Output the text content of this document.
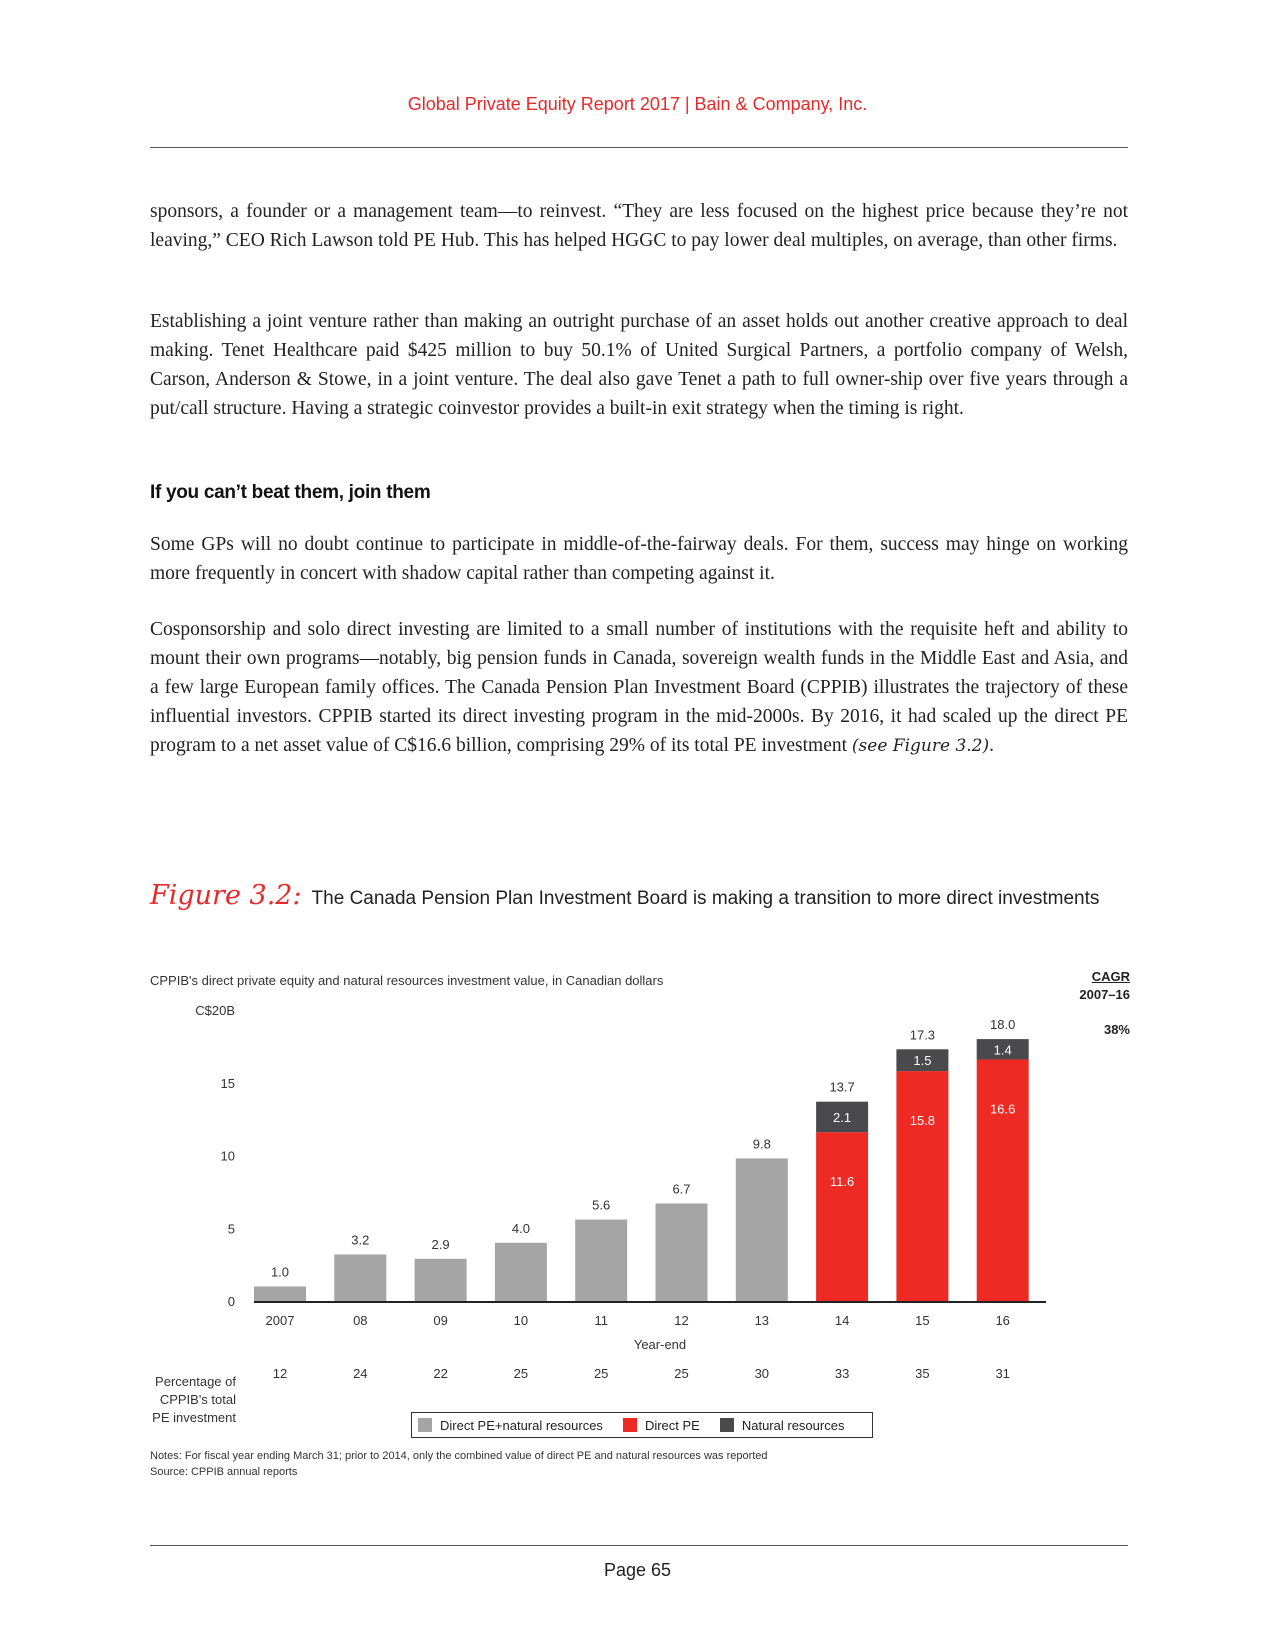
Global Private Equity Report 2017 | Bain & Company, Inc.

sponsors, a founder or a management team—to reinvest. “They are less focused on the highest price because they’re not leaving,” CEO Rich Lawson told PE Hub. This has helped HGGC to pay lower deal multiples, on average, than other firms.

Establishing a joint venture rather than making an outright purchase of an asset holds out another creative approach to deal making. Tenet Healthcare paid $425 million to buy 50.1% of United Surgical Partners, a portfolio company of Welsh, Carson, Anderson & Stowe, in a joint venture. The deal also gave Tenet a path to full owner-ship over five years through a put/call structure. Having a strategic coinvestor provides a built-in exit strategy when the timing is right.

If you can’t beat them, join them

Some GPs will no doubt continue to participate in middle-of-the-fairway deals. For them, success may hinge on working more frequently in concert with shadow capital rather than competing against it.

Cosponsorship and solo direct investing are limited to a small number of institutions with the requisite heft and ability to mount their own programs—notably, big pension funds in Canada, sovereign wealth funds in the Middle East and Asia, and a few large European family offices. The Canada Pension Plan Investment Board (CPPIB) illustrates the trajectory of these influential investors. CPPIB started its direct investing program in the mid-2000s. By 2016, it had scaled up the direct PE program to a net asset value of C$16.6 billion, comprising 29% of its total PE investment (see Figure 3.2).

Figure 3.2: The Canada Pension Plan Investment Board is making a transition to more direct investments
CPPIB's direct private equity and natural resources investment value, in Canadian dollars	CAGR
2007–16
38%
0
5
10
15
C$20B
1.0
2007
12
3.2
08
24
2.9
09
22
4.0
10
25
5.6
11
25
6.7
12
25
9.8
13
30
11.6
2.1
13.7
14
33
15.8
1.5
17.3
15
35
16.6
1.4
18.0
16
31
Year-end
Percentage of CPPIB's total PE investment	Direct PE+natural resources	Direct PE	Natural resources
Notes: For fiscal year ending March 31; prior to 2014, only the combined value of direct PE and natural resources was reported
Source: CPPIB annual reports
Page 65
